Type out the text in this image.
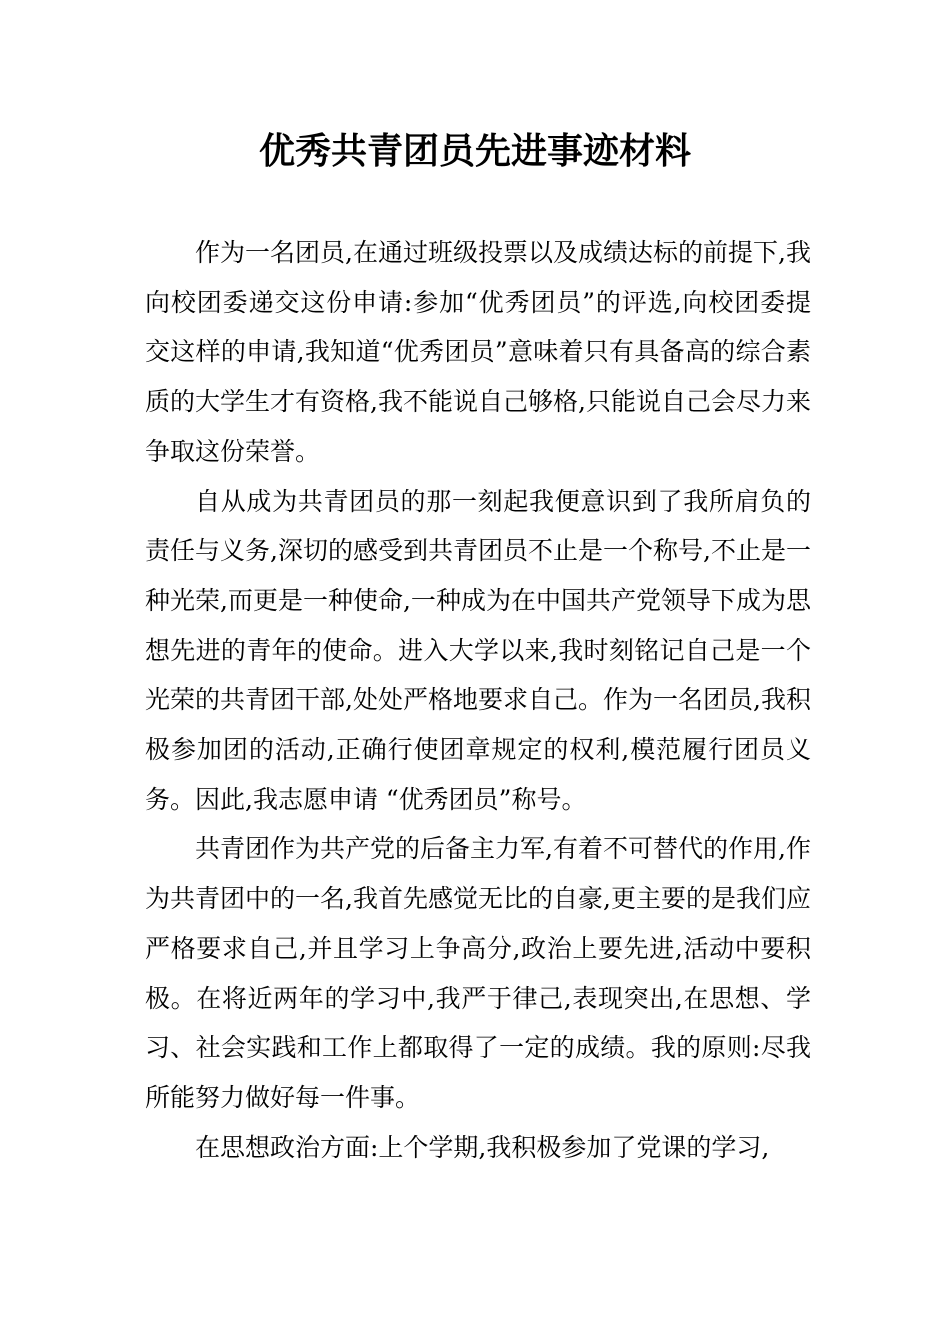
优秀共青团员先进事迹材料

作为一名团员,在通过班级投票以及成绩达标的前提下,我向校团委递交这份申请:参加“优秀团员”的评选,向校团委提交这样的申请,我知道“优秀团员”意味着只有具备高的综合素质的大学生才有资格,我不能说自己够格,只能说自己会尽力来争取这份荣誉。

自从成为共青团员的那一刻起我便意识到了我所肩负的责任与义务,深切的感受到共青团员不止是一个称号,不止是一种光荣,而更是一种使命,一种成为在中国共产党领导下成为思想先进的青年的使命。进入大学以来,我时刻铭记自己是一个光荣的共青团干部,处处严格地要求自己。作为一名团员,我积极参加团的活动,正确行使团章规定的权利,模范履行团员义务。因此,我志愿申请 “优秀团员”称号。

共青团作为共产党的后备主力军,有着不可替代的作用,作为共青团中的一名,我首先感觉无比的自豪,更主要的是我们应严格要求自己,并且学习上争高分,政治上要先进,活动中要积极。在将近两年的学习中,我严于律己,表现突出,在思想、学习、社会实践和工作上都取得了一定的成绩。我的原则:尽我所能努力做好每一件事。

在思想政治方面:上个学期,我积极参加了党课的学习,
